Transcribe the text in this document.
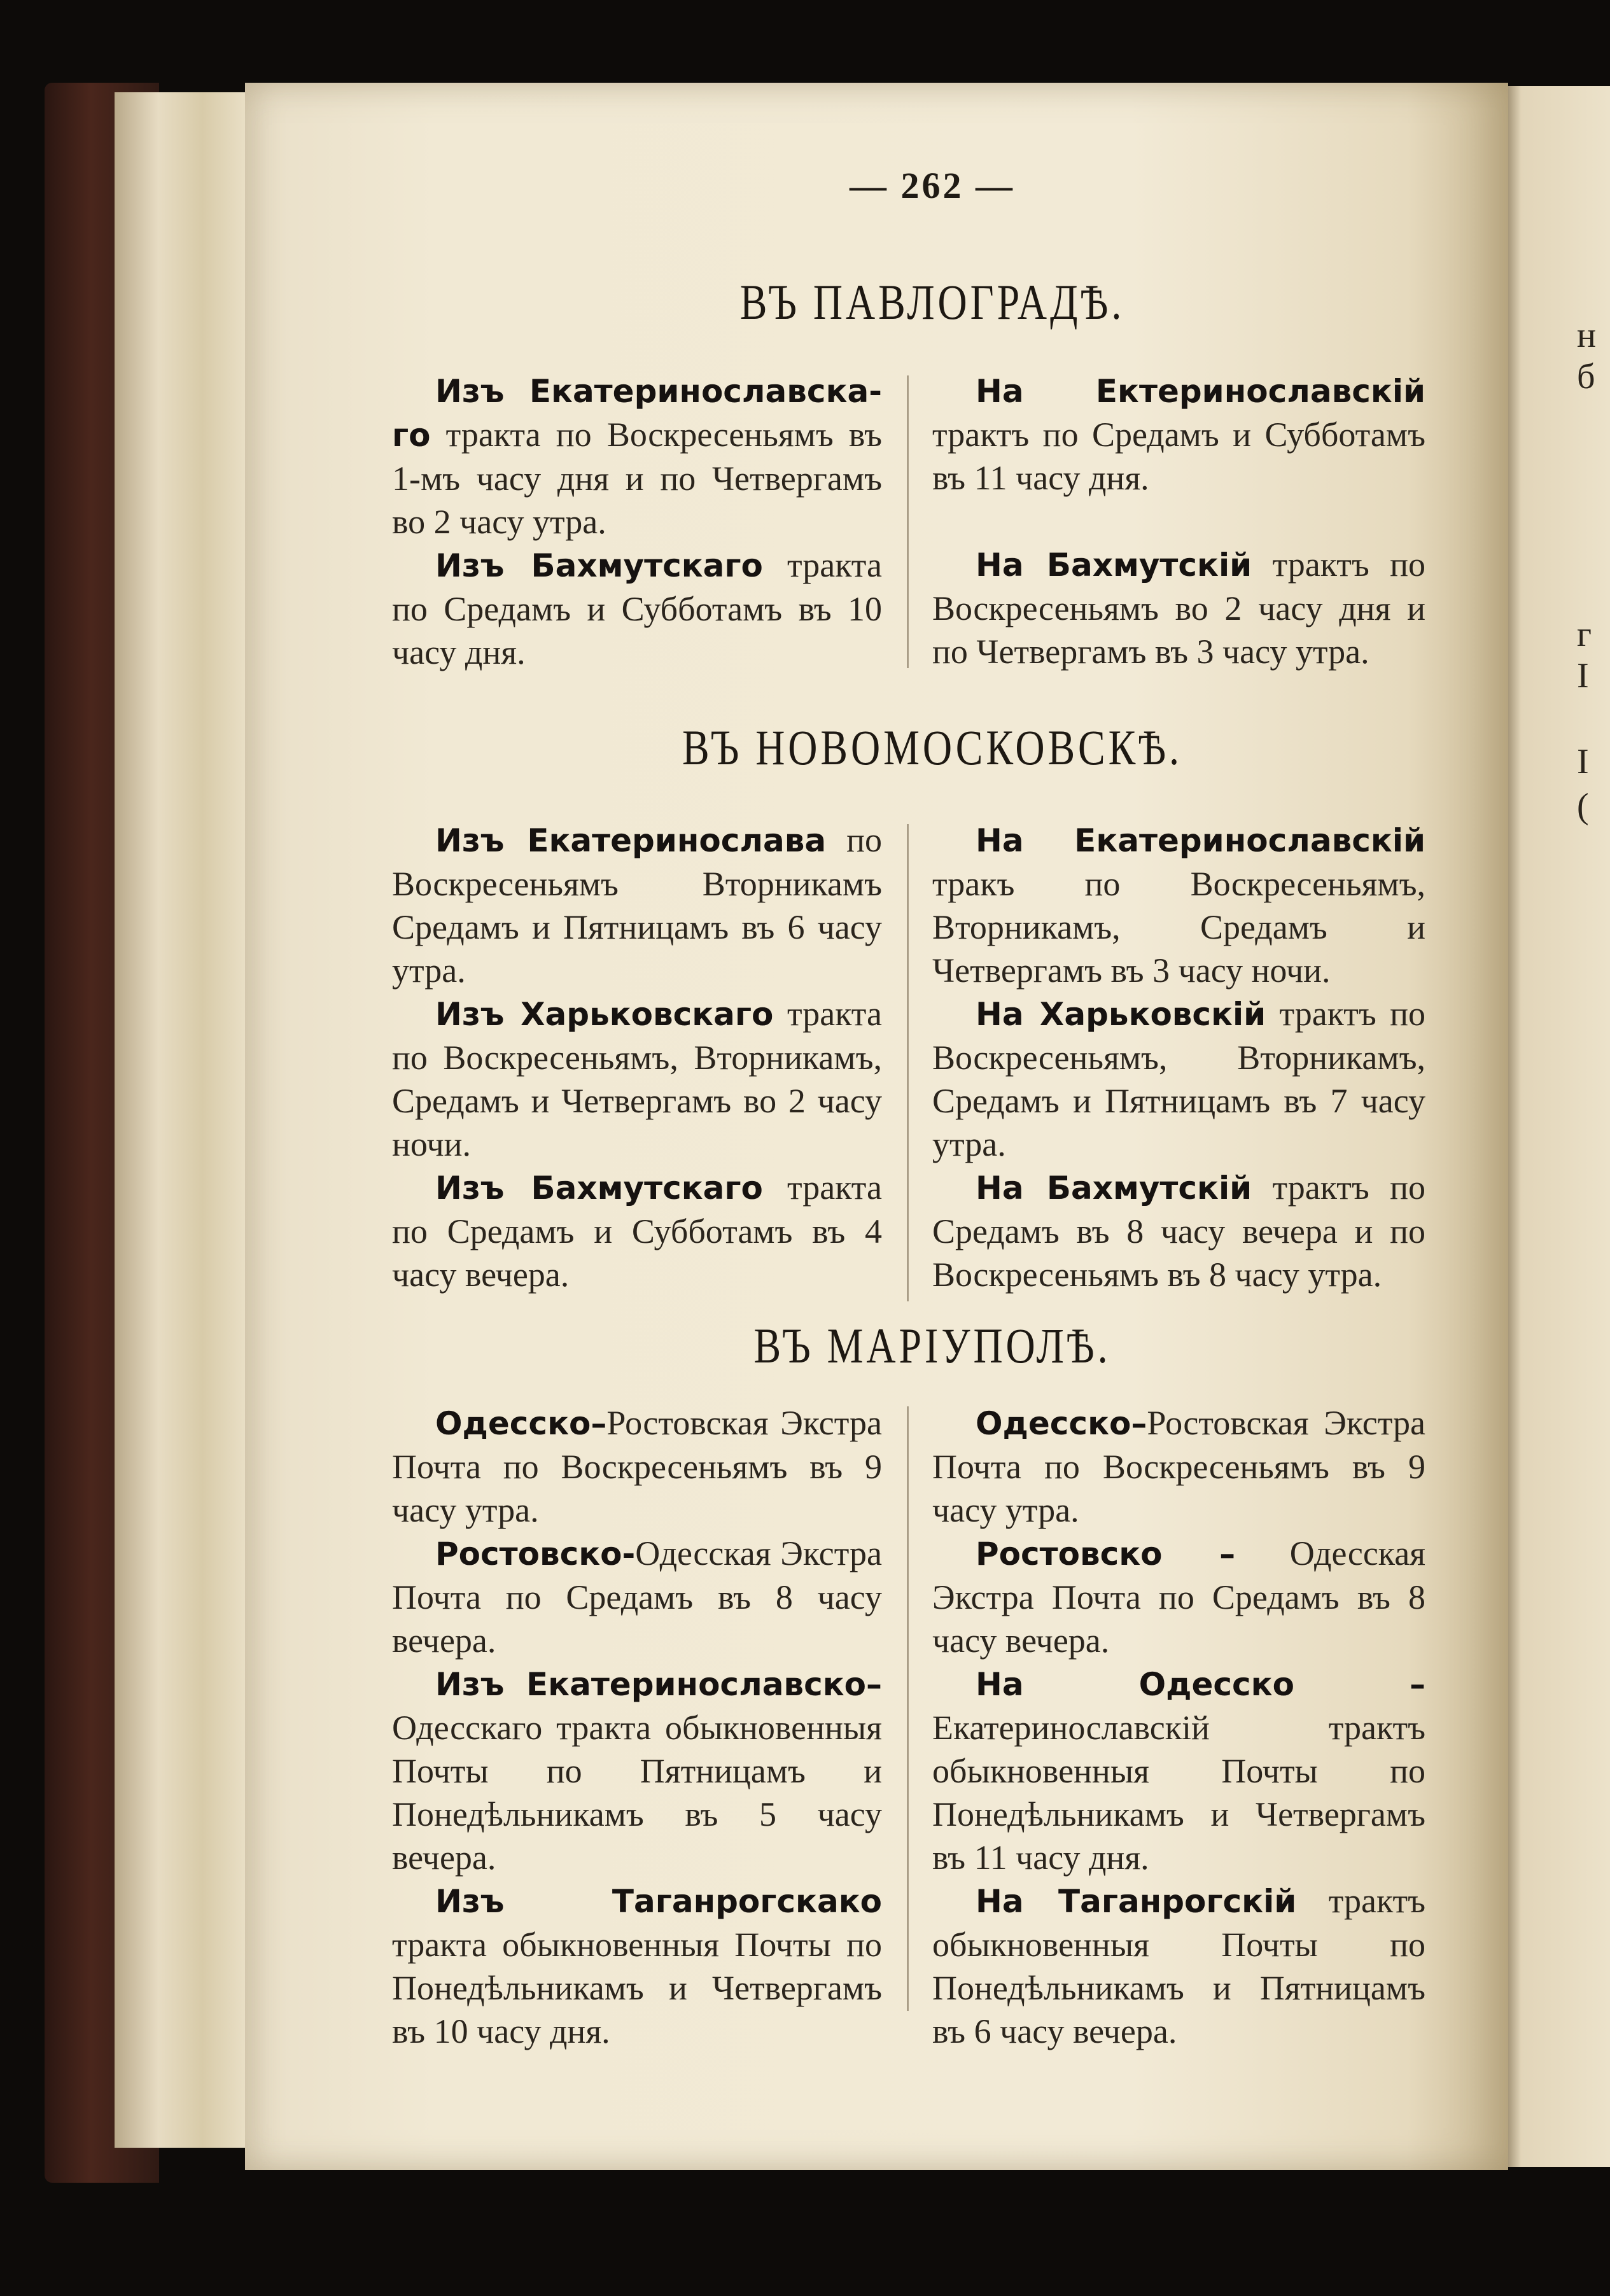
н
б
г
I
I
(
— 262 —
ВЪ ПАВЛОГРАДѢ.

Изъ Екатеринославска-го тракта по Воскресеньямъ въ 1-мъ часу дня и по Четвергамъ во 2 часу утра.

Изъ Бахмутскаго тракта по Средамъ и Субботамъ въ 10 часу дня.

На Ектеринославскій трактъ по Средамъ и Субботамъ въ 11 часу дня.

На Бахмутскій трактъ по Воскресеньямъ во 2 часу дня и по Четвергамъ въ 3 часу утра.

ВЪ НОВОМОСКОВСКѢ.

Изъ Екатеринослава по Воскресеньямъ Вторникамъ Средамъ и Пятницамъ въ 6 часу утра.

Изъ Харьковскаго тракта по Воскресеньямъ, Вторникамъ, Средамъ и Четвергамъ во 2 часу ночи.

Изъ Бахмутскаго тракта по Средамъ и Субботамъ въ 4 часу вечера.

На Екатеринославскій тракъ по Воскресеньямъ, Вторникамъ, Средамъ и Четвергамъ въ 3 часу ночи.

На Харьковскій трактъ по Воскресеньямъ, Вторникамъ, Средамъ и Пятницамъ въ 7 часу утра.

На Бахмутскій трактъ по Средамъ въ 8 часу вечера и по Воскресеньямъ въ 8 часу утра.

ВЪ МАРІУПОЛѢ.

Одесско–Ростовская Экстра Почта по Воскресеньямъ въ 9 часу утра.

Ростовско-Одесская Экстра Почта по Средамъ въ 8 часу вечера.

Изъ Екатеринославско–Одесскаго тракта обыкновенныя Почты по Пятницамъ и Понедѣльникамъ въ 5 часу вечера.

Изъ Таганрогскако тракта обыкновенныя Почты по Понедѣльникамъ и Четвергамъ въ 10 часу дня.

Одесско–Ростовская Экстра Почта по Воскресеньямъ въ 9 часу утра.

Ростовско – Одесская Экстра Почта по Средамъ въ 8 часу вечера.

На Одесско – Екатеринославскій трактъ обыкновенныя Почты по Понедѣльникамъ и Четвергамъ въ 11 часу дня.

На Таганрогскій трактъ обыкновенныя Почты по Понедѣльникамъ и Пятницамъ въ 6 часу вечера.
